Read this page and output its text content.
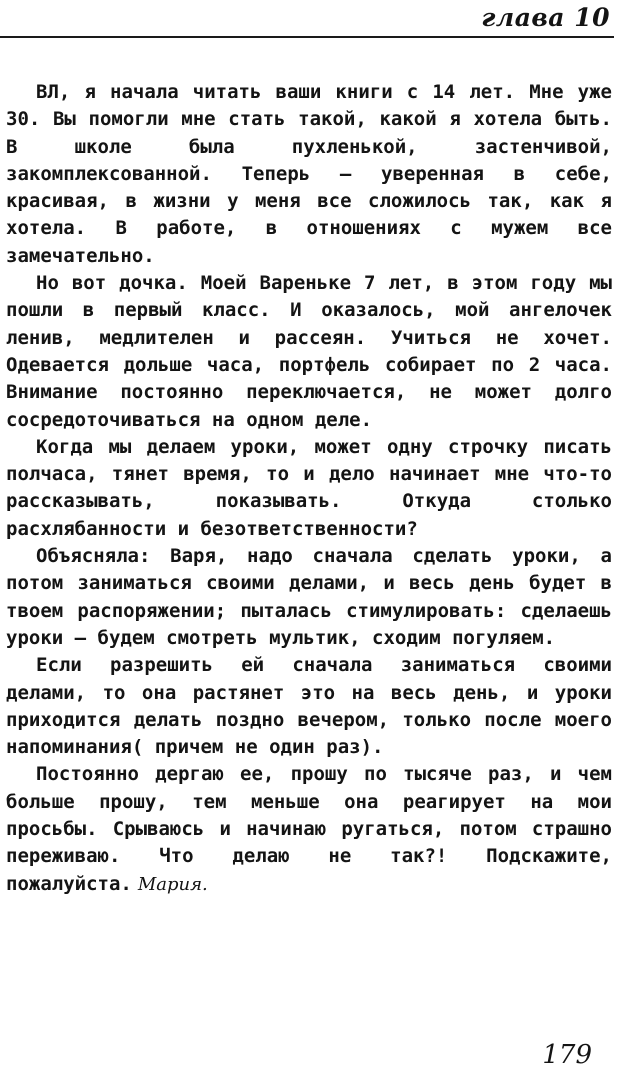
глава 10

ВЛ, я начала читать ваши книги с 14 лет. Мне уже 30. Вы помогли мне стать такой, какой я хотела быть. В школе была пухленькой, застенчивой, закомплексованной. Теперь — уверенная в себе, красивая, в жизни у меня все сложилось так, как я хотела. В работе, в отношениях с мужем все замечательно.

Но вот дочка. Моей Вареньке 7 лет, в этом году мы пошли в первый класс. И оказалось, мой ангелочек ленив, медлителен и рассеян. Учиться не хочет. Одевается дольше часа, портфель собирает по 2 часа. Внимание постоянно переключается, не может долго сосредоточиваться на одном деле.

Когда мы делаем уроки, может одну строчку писать полчаса, тянет время, то и дело начинает мне что-то рассказывать, показывать. Откуда столько расхлябанности и безответственности?

Объясняла: Варя, надо сначала сделать уроки, а потом заниматься своими делами, и весь день будет в твоем распоряжении; пыталась стимулировать: сделаешь уроки — будем смотреть мультик, сходим погуляем.

Если разрешить ей сначала заниматься своими делами, то она растянет это на весь день, и уроки приходится делать поздно вечером, только после моего напоминания( причем не один раз).

Постоянно дергаю ее, прошу по тысяче раз, и чем больше прошу, тем меньше она реагирует на мои просьбы. Срываюсь и начинаю ругаться, потом страшно переживаю. Что делаю не так?! Подскажите, пожалуйста. Мария.

179
